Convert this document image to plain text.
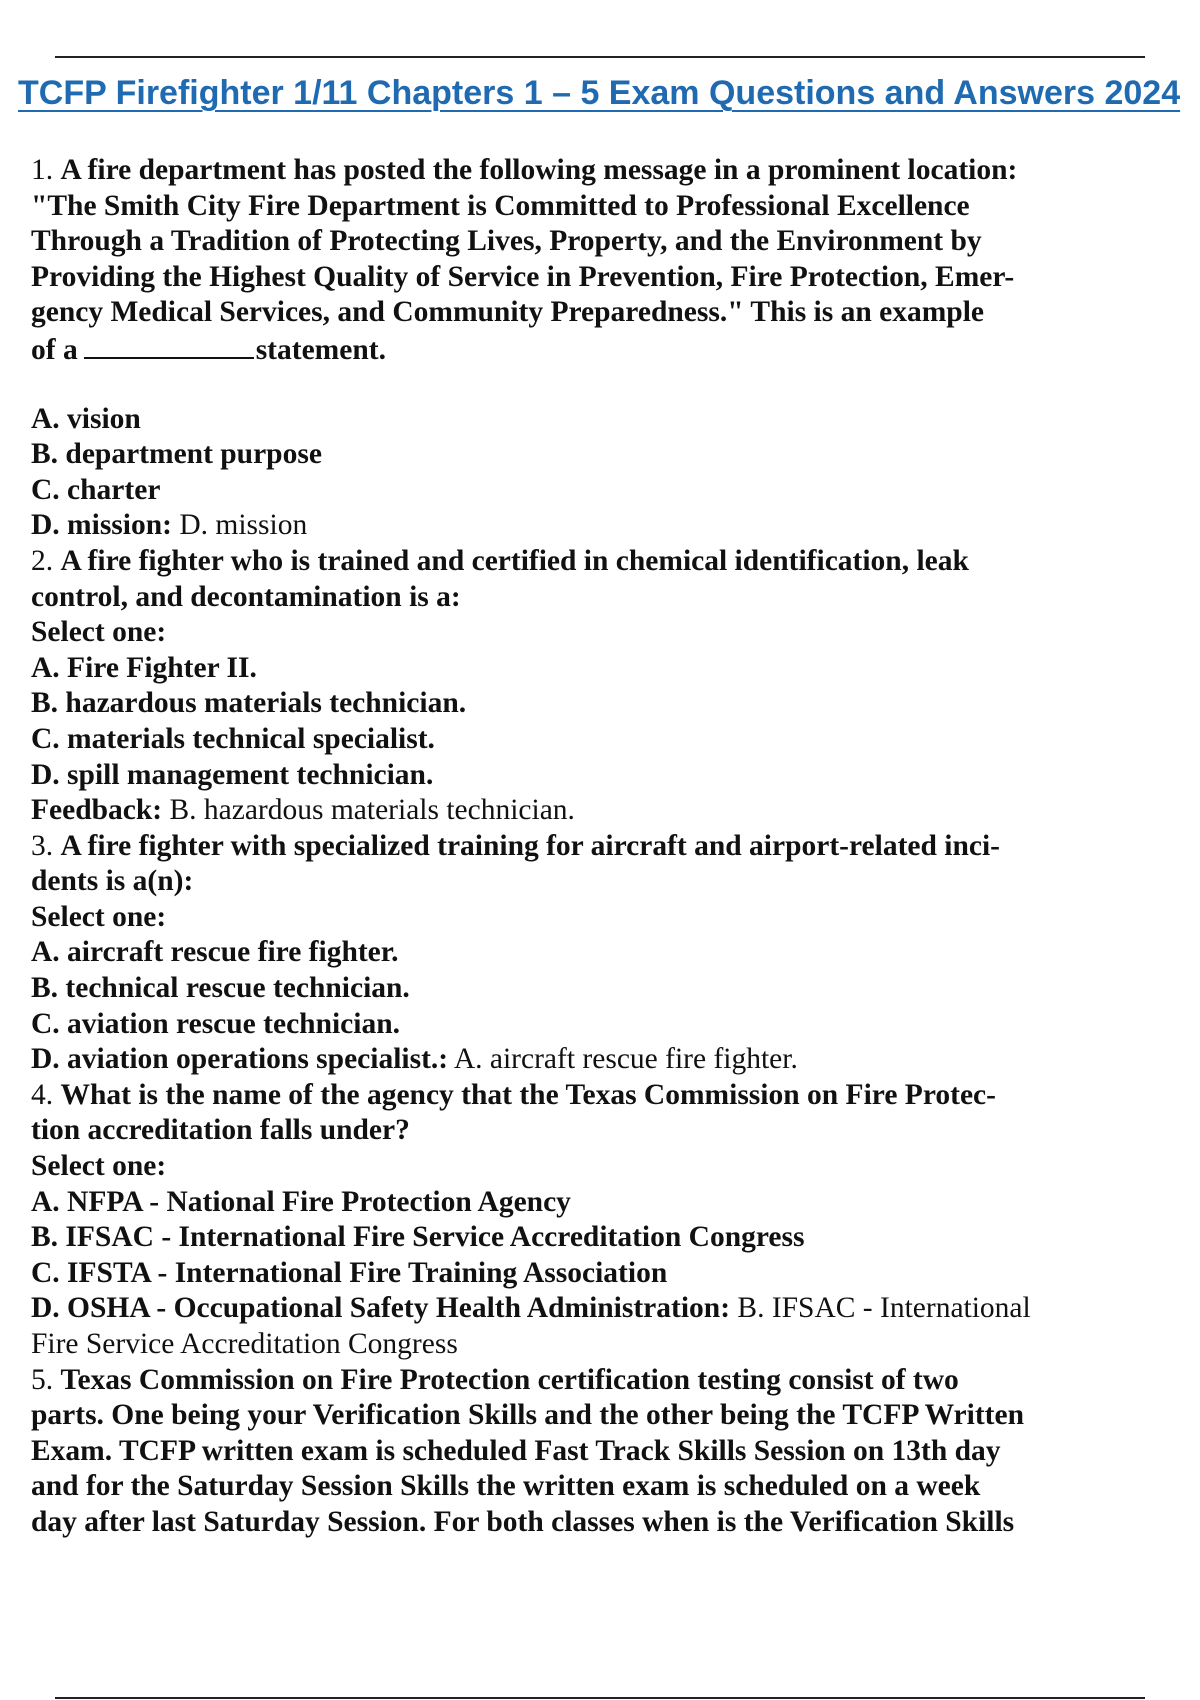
TCFP Firefighter 1/11 Chapters 1 – 5 Exam Questions and Answers 2024
1. A fire department has posted the following message in a prominent location:
"The Smith City Fire Department is Committed to Professional Excellence
Through a Tradition of Protecting Lives, Property, and the Environment by
Providing the Highest Quality of Service in Prevention, Fire Protection, Emer-
gency Medical Services, and Community Preparedness." This is an example
of a	statement.
A. vision
B. department purpose
C. charter
D. mission: D. mission
2. A fire fighter who is trained and certified in chemical identification, leak
control, and decontamination is a:
Select one:
A. Fire Fighter II.
B. hazardous materials technician.
C. materials technical specialist.
D. spill management technician.
Feedback: B. hazardous materials technician.
3. A fire fighter with specialized training for aircraft and airport-related inci-
dents is a(n):
Select one:
A. aircraft rescue fire fighter.
B. technical rescue technician.
C. aviation rescue technician.
D. aviation operations specialist.: A. aircraft rescue fire fighter.
4. What is the name of the agency that the Texas Commission on Fire Protec-
tion accreditation falls under?
Select one:
A. NFPA - National Fire Protection Agency
B. IFSAC - International Fire Service Accreditation Congress
C. IFSTA - International Fire Training Association
D. OSHA - Occupational Safety Health Administration: B. IFSAC - International
Fire Service Accreditation Congress
5. Texas Commission on Fire Protection certification testing consist of two
parts. One being your Verification Skills and the other being the TCFP Written
Exam. TCFP written exam is scheduled Fast Track Skills Session on 13th day
and for the Saturday Session Skills the written exam is scheduled on a week
day after last Saturday Session. For both classes when is the Verification Skills
